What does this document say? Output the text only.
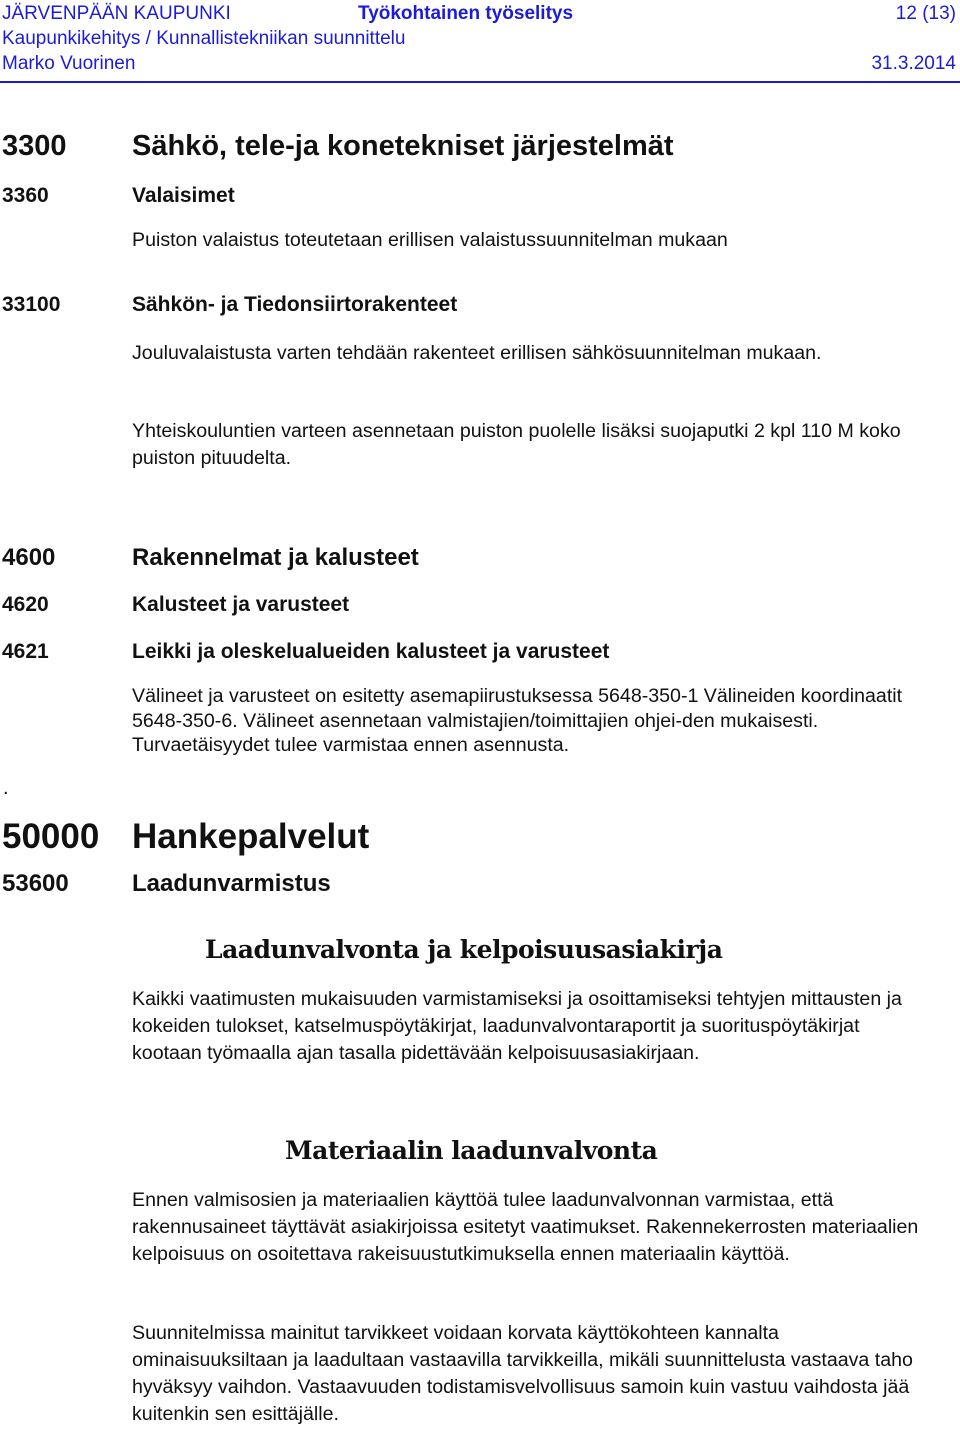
JÄRVENPÄÄN KAUPUNKI	Työkohtainen työselitys	12 (13)
Kaupunkikehitys / Kunnallistekniikan suunnittelu
Marko Vuorinen	31.3.2014
3300 Sähkö, tele-ja konetekniset järjestelmät
3360	Valaisimet

Puiston valaistus toteutetaan erillisen valaistussuunnitelman mukaan

33100	Sähkön- ja Tiedonsiirtorakenteet

Jouluvalaistusta varten tehdään rakenteet erillisen sähkösuunnitelman mukaan.

Yhteiskouluntien varteen asennetaan puiston puolelle lisäksi suojaputki 2 kpl 110 M koko puiston pituudelta.

4600	Rakennelmat ja kalusteet
4620	Kalusteet ja varusteet
4621	Leikki ja oleskelualueiden kalusteet ja varusteet

Välineet ja varusteet on esitetty asemapiirustuksessa 5648-350-1 Välineiden koordinaatit 5648-350-6. Välineet asennetaan valmistajien/toimittajien ohjei-den mukaisesti. Turvaetäisyydet tulee varmistaa ennen asennusta.

.
50000 Hankepalvelut
53600	Laadunvarmistus
Laadunvalvonta ja kelpoisuusasiakirja

Kaikki vaatimusten mukaisuuden varmistamiseksi ja osoittamiseksi tehtyjen mittausten ja kokeiden tulokset, katselmuspöytäkirjat, laadunvalvontaraportit ja suorituspöytäkirjat kootaan työmaalla ajan tasalla pidettävään kelpoisuusasiakirjaan.

Materiaalin laadunvalvonta

Ennen valmisosien ja materiaalien käyttöä tulee laadunvalvonnan varmistaa, että rakennusaineet täyttävät asiakirjoissa esitetyt vaatimukset. Rakennekerrosten materiaalien kelpoisuus on osoitettava rakeisuustutkimuksella ennen materiaalin käyttöä.

Suunnitelmissa mainitut tarvikkeet voidaan korvata käyttökohteen kannalta ominaisuuksiltaan ja laadultaan vastaavilla tarvikkeilla, mikäli suunnittelusta vastaava taho hyväksyy vaihdon. Vastaavuuden todistamisvelvollisuus samoin kuin vastuu vaihdosta jää kuitenkin sen esittäjälle.
